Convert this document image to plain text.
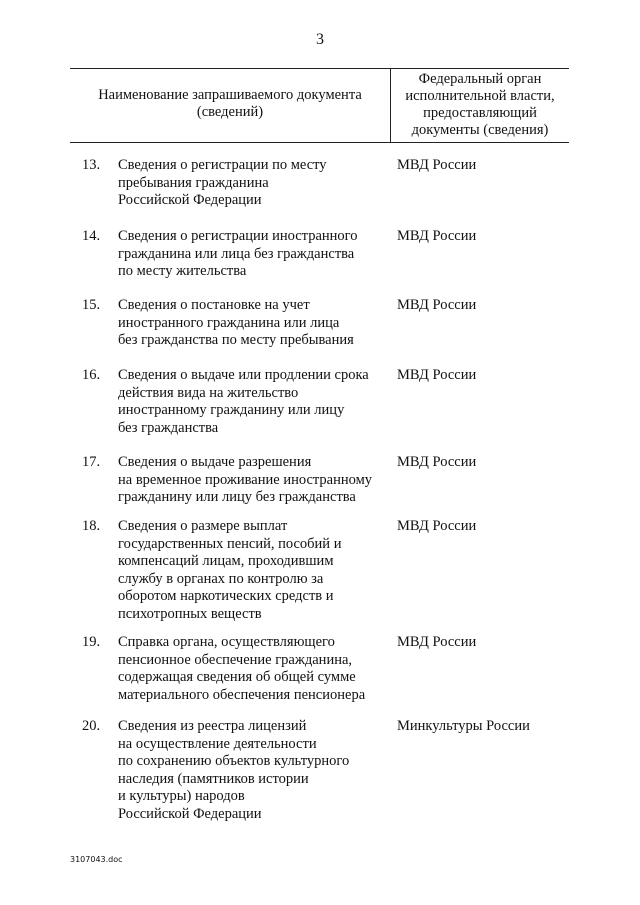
3
Наименование запрашиваемого документа
(сведений)
Федеральный орган
исполнительной власти,
предоставляющий
документы (сведения)
13. Сведения о регистрации по месту
пребывания гражданина
Российской Федерации
МВД России
14. Сведения о регистрации иностранного
гражданина или лица без гражданства
по месту жительства
МВД России
15. Сведения о постановке на учет
иностранного гражданина или лица
без гражданства по месту пребывания
МВД России
16. Сведения о выдаче или продлении срока
действия вида на жительство
иностранному гражданину или лицу
без гражданства
МВД России
17. Сведения о выдаче разрешения
на временное проживание иностранному
гражданину или лицу без гражданства
МВД России
18. Сведения о размере выплат
государственных пенсий, пособий и
компенсаций лицам, проходившим
службу в органах по контролю за
оборотом наркотических средств и
психотропных веществ
МВД России
19. Справка органа, осуществляющего
пенсионное обеспечение гражданина,
содержащая сведения об общей сумме
материального обеспечения пенсионера
МВД России
20. Сведения из реестра лицензий
на осуществление деятельности
по сохранению объектов культурного
наследия (памятников истории
и культуры) народов
Российской Федерации
Минкультуры России
3107043.doc
